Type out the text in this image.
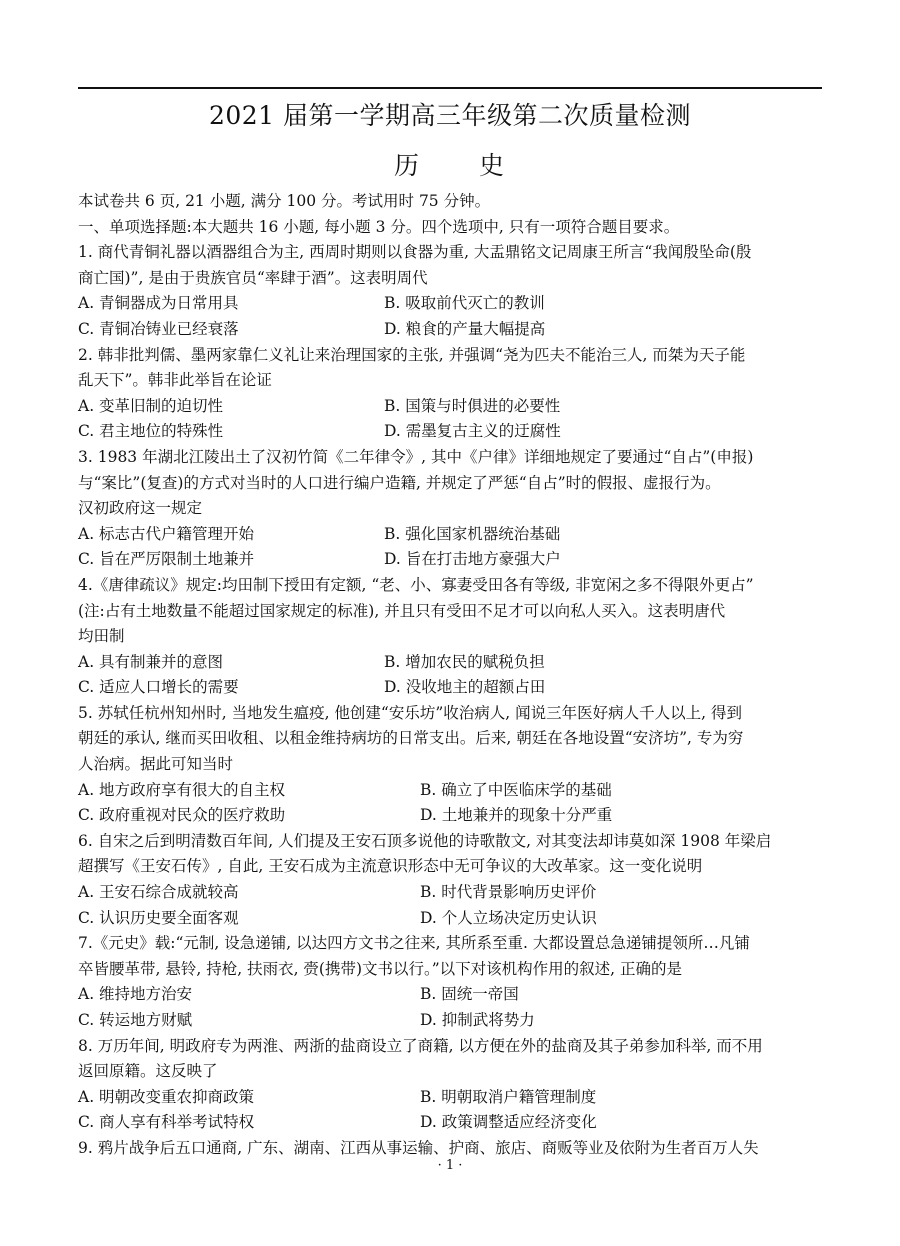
2021 届第一学期高三年级第二次质量检测
历 史
本试卷共 6 页, 21 小题, 满分 100 分。考试用时 75 分钟。
一、单项选择题:本大题共 16 小题, 每小题 3 分。四个选项中, 只有一项符合题目要求。
1. 商代青铜礼器以酒器组合为主, 西周时期则以食器为重, 大盂鼎铭文记周康王所言“我闻殷坠命(殷
商亡国)”, 是由于贵族官员“率肆于酒”。这表明周代
A. 青铜器成为日常用具	B. 吸取前代灭亡的教训
C. 青铜冶铸业已经衰落	D. 粮食的产量大幅提高
2. 韩非批判儒、墨两家靠仁义礼让来治理国家的主张, 并强调“尧为匹夫不能治三人, 而桀为天子能
乱天下”。韩非此举旨在论证
A. 变革旧制的迫切性	B. 国策与时俱进的必要性
C. 君主地位的特殊性	D. 需墨复古主义的迂腐性
3. 1983 年湖北江陵出土了汉初竹简《二年律令》, 其中《户律》详细地规定了要通过“自占”(申报)
与“案比”(复查)的方式对当时的人口进行编户造籍, 并规定了严惩“自占”时的假报、虚报行为。
汉初政府这一规定
A. 标志古代户籍管理开始	B. 强化国家机器统治基础
C. 旨在严厉限制土地兼并	D. 旨在打击地方豪强大户
4.《唐律疏议》规定:均田制下授田有定额, “老、小、寡妻受田各有等级, 非宽闲之多不得限外更占”
(注:占有土地数量不能超过国家规定的标准), 并且只有受田不足才可以向私人买入。这表明唐代
均田制
A. 具有制兼并的意图	B. 增加农民的赋税负担
C. 适应人口增长的需要	D. 没收地主的超额占田
5. 苏轼任杭州知州时, 当地发生瘟疫, 他创建“安乐坊”收治病人, 闻说三年医好病人千人以上, 得到
朝廷的承认, 继而买田收租、以租金维持病坊的日常支出。后来, 朝廷在各地设置“安济坊”, 专为穷
人治病。据此可知当时
A. 地方政府享有很大的自主权	B. 确立了中医临床学的基础
C. 政府重视对民众的医疗救助	D. 土地兼并的现象十分严重
6. 自宋之后到明清数百年间, 人们提及王安石顶多说他的诗歌散文, 对其变法却讳莫如深 1908 年梁启
超撰写《王安石传》, 自此, 王安石成为主流意识形态中无可争议的大改革家。这一变化说明
A. 王安石综合成就较高	B. 时代背景影响历史评价
C. 认识历史要全面客观	D. 个人立场决定历史认识
7.《元史》载:“元制, 设急递铺, 以达四方文书之往来, 其所系至重. 大都设置总急递铺提领所…凡铺
卒皆腰革带, 悬铃, 持枪, 扶雨衣, 赍(携带)文书以行。”以下对该机构作用的叙述, 正确的是
A. 维持地方治安	B. 固统一帝国
C. 转运地方财赋	D. 抑制武将势力
8. 万历年间, 明政府专为两淮、两浙的盐商设立了商籍, 以方便在外的盐商及其子弟参加科举, 而不用
返回原籍。这反映了
A. 明朝改变重农抑商政策	B. 明朝取消户籍管理制度
C. 商人享有科举考试特权	D. 政策调整适应经济变化
9. 鸦片战争后五口通商, 广东、湖南、江西从事运输、护商、旅店、商贩等业及依附为生者百万人失
· 1 ·
